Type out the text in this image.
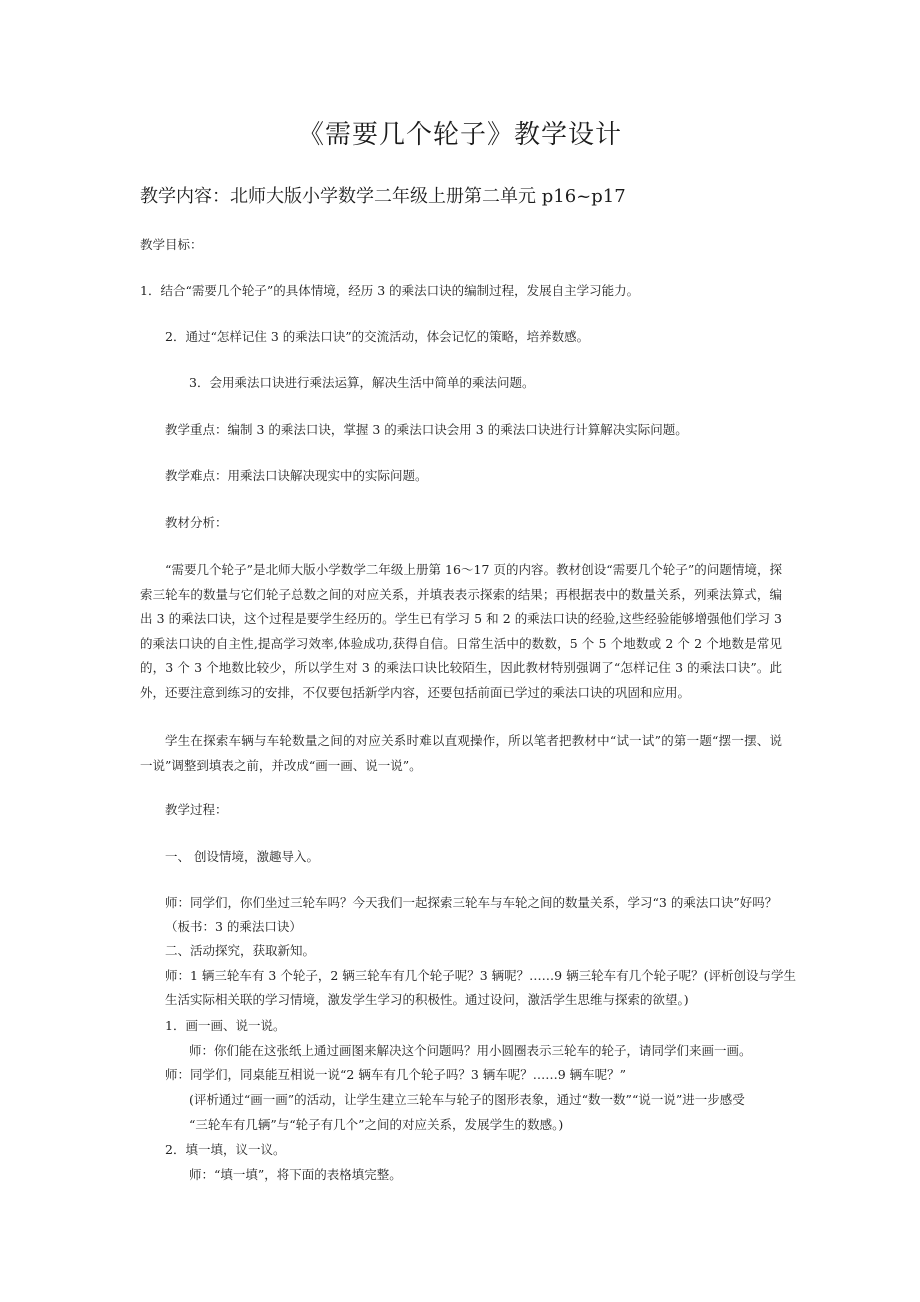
《需要几个轮子》教学设计
教学内容：北师大版小学数学二年级上册第二单元 p16~p17
教学目标：
1．结合“需要几个轮子”的具体情境，经历 3 的乘法口诀的编制过程，发展自主学习能力。
2．通过“怎样记住 3 的乘法口诀”的交流活动，体会记忆的策略，培养数感。
3．会用乘法口诀进行乘法运算，解决生活中简单的乘法问题。
教学重点：编制 3 的乘法口诀，掌握 3 的乘法口诀会用 3 的乘法口诀进行计算解决实际问题。
教学难点：用乘法口诀解决现实中的实际问题。
教材分析：
“需要几个轮子”是北师大版小学数学二年级上册第 16～17 页的内容。教材创设“需要几个轮子”的问题情境，探索三轮车的数量与它们轮子总数之间的对应关系，并填表表示探索的结果；再根据表中的数量关系，列乘法算式，编出 3 的乘法口诀，这个过程是要学生经历的。学生已有学习 5 和 2 的乘法口诀的经验,这些经验能够增强他们学习 3 的乘法口诀的自主性,提高学习效率,体验成功,获得自信。日常生活中的数数，5 个 5 个地数或 2 个 2 个地数是常见的，3 个 3 个地数比较少，所以学生对 3 的乘法口诀比较陌生，因此教材特别强调了“怎样记住 3 的乘法口诀”。此外，还要注意到练习的安排，不仅要包括新学内容，还要包括前面已学过的乘法口诀的巩固和应用。
学生在探索车辆与车轮数量之间的对应关系时难以直观操作，所以笔者把教材中“试一试”的第一题“摆一摆、说一说”调整到填表之前，并改成“画一画、说一说”。
教学过程：
一、 创设情境，激趣导入。
师：同学们，你们坐过三轮车吗？今天我们一起探索三轮车与车轮之间的数量关系，学习“3 的乘法口诀”好吗？
（板书：3 的乘法口诀）
二、活动探究，获取新知。
师：1 辆三轮车有 3 个轮子，2 辆三轮车有几个轮子呢？3 辆呢？……9 辆三轮车有几个轮子呢？(评析创设与学生
生活实际相关联的学习情境，激发学生学习的积极性。通过设问，激活学生思维与探索的欲望。)
1．画一画、说一说。
师：你们能在这张纸上通过画图来解决这个问题吗？用小圆圈表示三轮车的轮子，请同学们来画一画。
师：同学们，同桌能互相说一说“2 辆车有几个轮子吗？3 辆车呢？……9 辆车呢？”
(评析通过“画一画”的活动，让学生建立三轮车与轮子的图形表象，通过“数一数”“说一说”进一步感受
“三轮车有几辆”与“轮子有几个”之间的对应关系，发展学生的数感。)
2．填一填，议一议。
师：“填一填”，将下面的表格填完整。
